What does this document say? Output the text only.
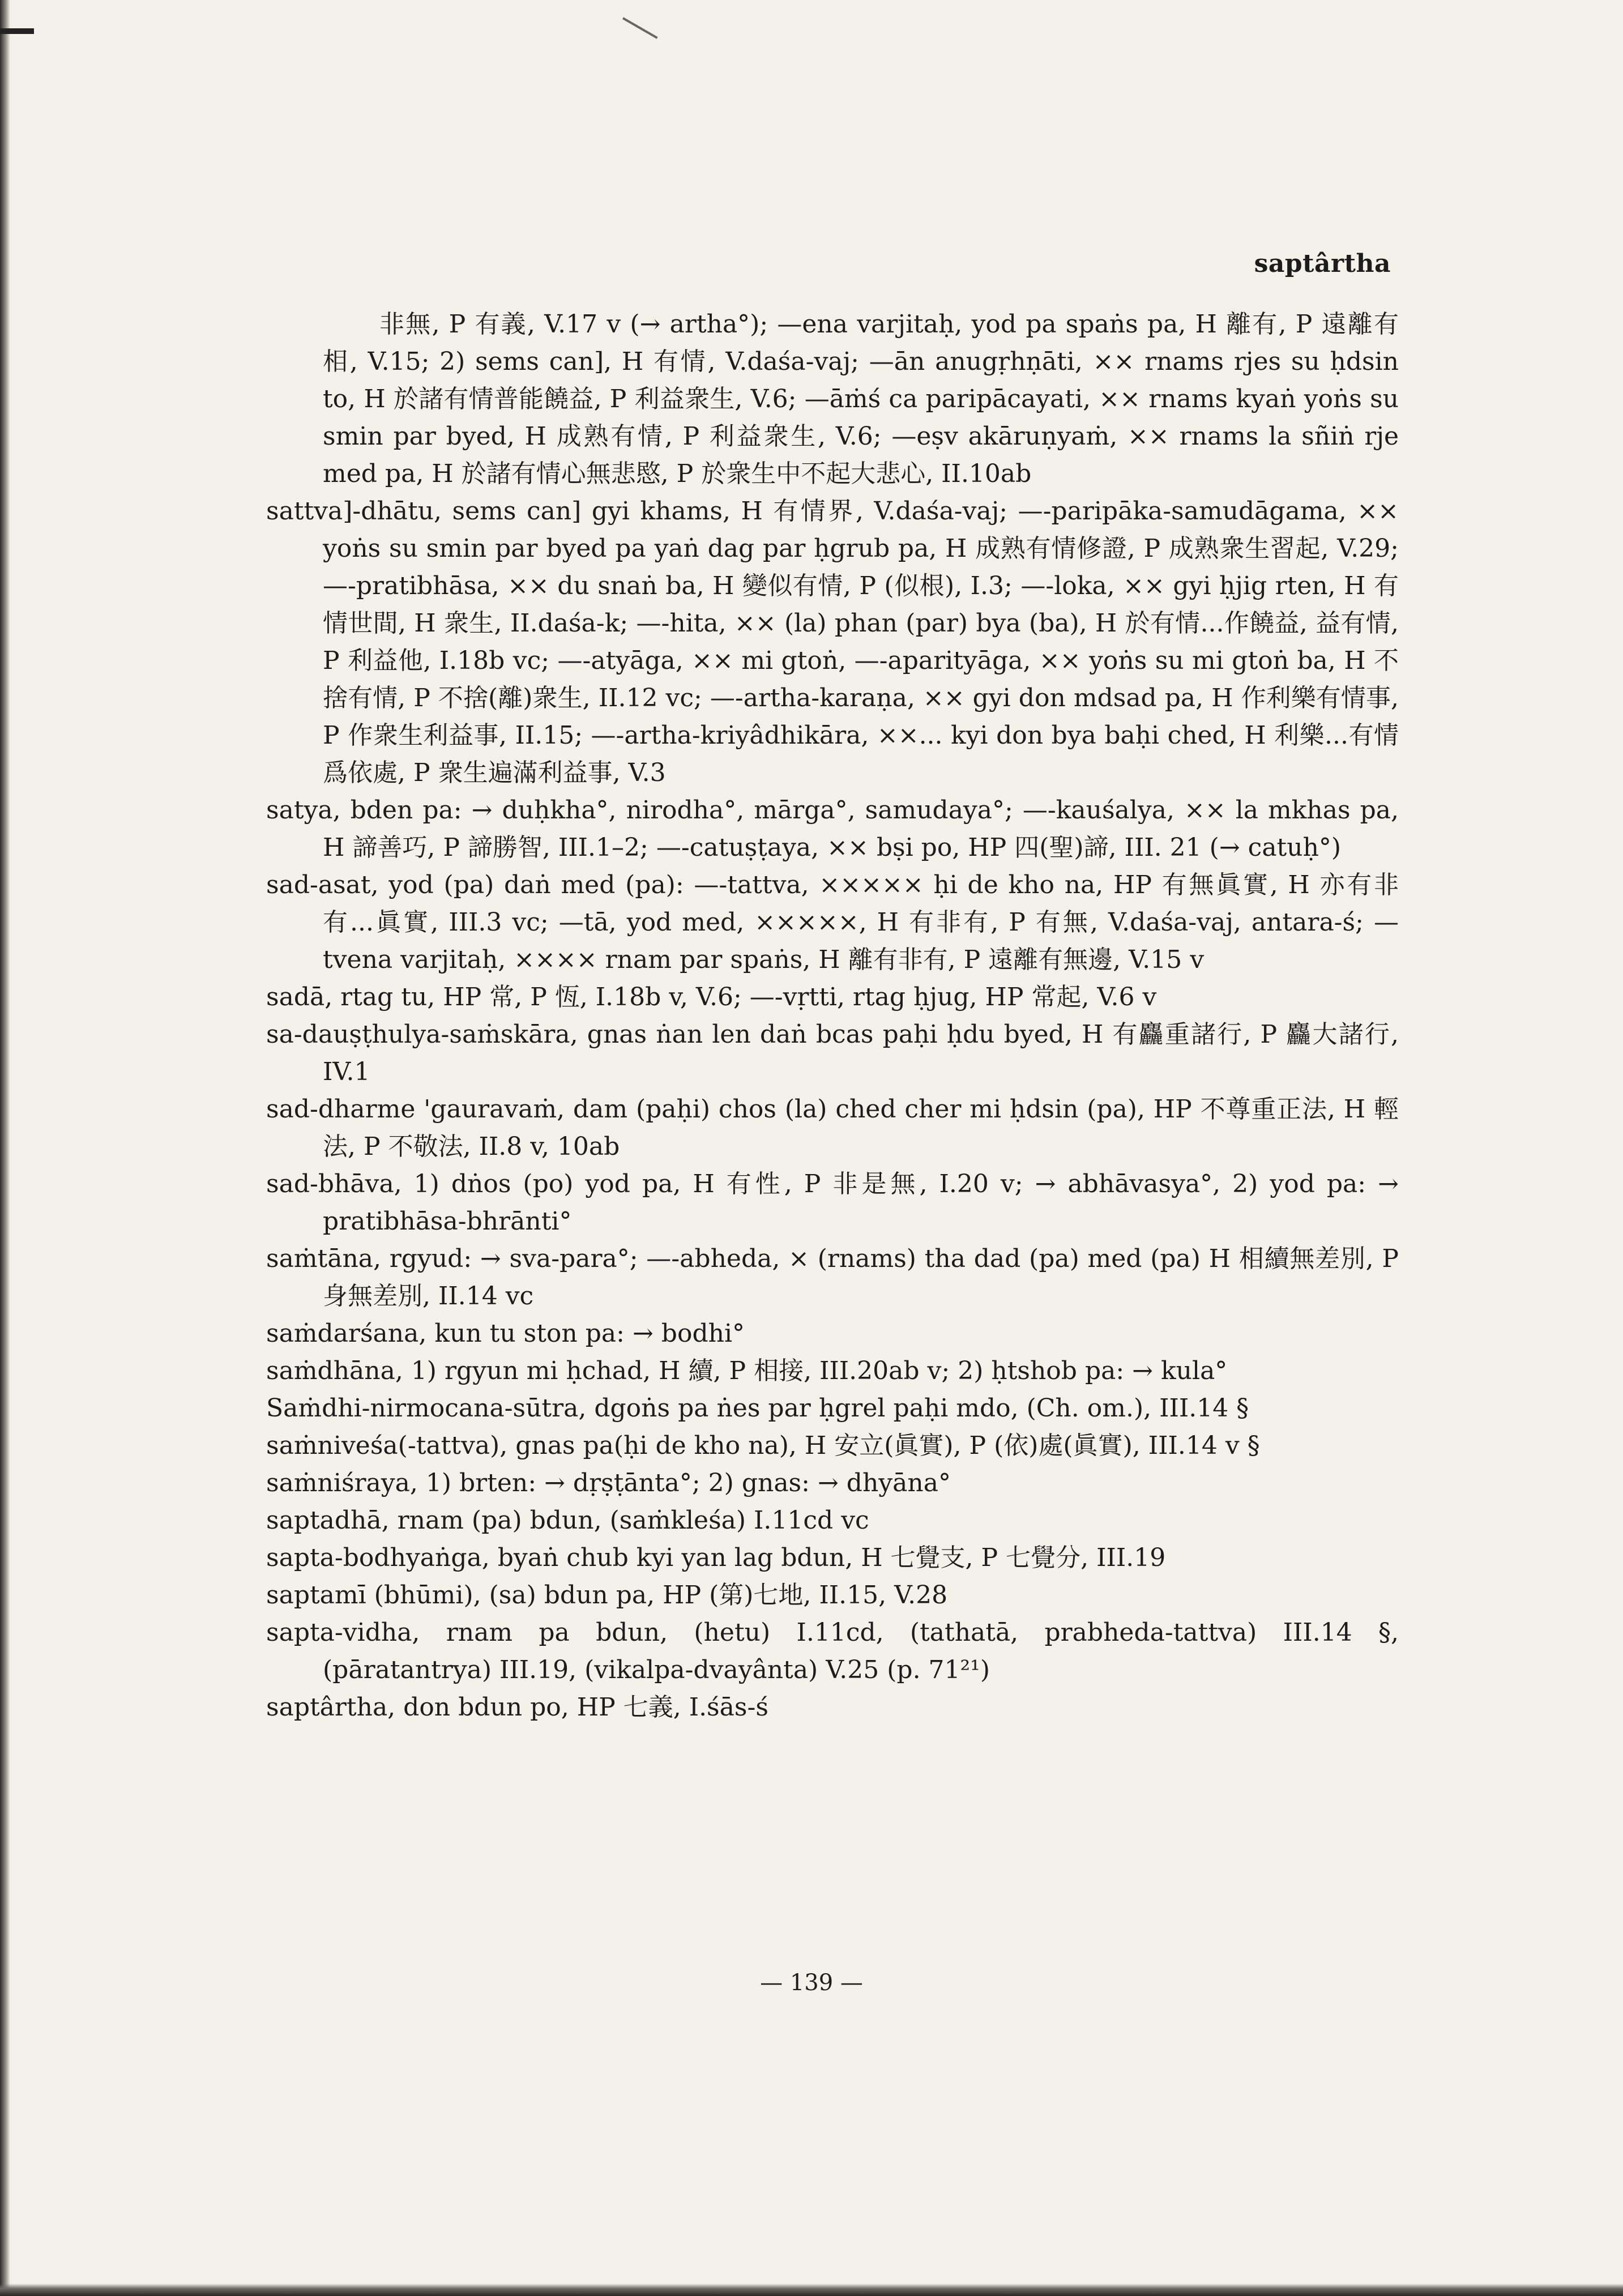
saptârtha

非無, P 有義, V.17 v (→ artha°); —ena varjitaḥ, yod pa spaṅs pa, H 離有, P 遠離有相, V.15; 2) sems can], H 有情, V.daśa-vaj; —ān anugṛhṇāti, ×× rnams rjes su ḥdsin to, H 於諸有情普能饒益, P 利益衆生, V.6; —āṁś ca paripācayati, ×× rnams kyaṅ yoṅs su smin par byed, H 成熟有情, P 利益衆生, V.6; —eṣv akāruṇyaṁ, ×× rnams la sñiṅ rje med pa, H 於諸有情心無悲愍, P 於衆生中不起大悲心, II.10ab

sattva]-dhātu, sems can] gyi khams, H 有情界, V.daśa-vaj; —-paripāka-samudāgama, ×× yoṅs su smin par byed pa yaṅ dag par ḥgrub pa, H 成熟有情修證, P 成熟衆生習起, V.29; —-pratibhāsa, ×× du snaṅ ba, H 變似有情, P (似根), I.3; —-loka, ×× gyi ḥjig rten, H 有情世間, H 衆生, II.daśa-k; —-hita, ×× (la) phan (par) bya (ba), H 於有情...作饒益, 益有情, P 利益他, I.18b vc; —-atyāga, ×× mi gtoṅ, —-aparityāga, ×× yoṅs su mi gtoṅ ba, H 不捨有情, P 不捨(離)衆生, II.12 vc; —-artha-karaṇa, ×× gyi don mdsad pa, H 作利樂有情事, P 作衆生利益事, II.15; —-artha-kriyâdhikāra, ××... kyi don bya baḥi ched, H 利樂...有情爲依處, P 衆生遍滿利益事, V.3

satya, bden pa: → duḥkha°, nirodha°, mārga°, samudaya°; —-kauśalya, ×× la mkhas pa, H 諦善巧, P 諦勝智, III.1–2; —-catuṣṭaya, ×× bṣi po, HP 四(聖)諦, III. 21 (→ catuḥ°)

sad-asat, yod (pa) daṅ med (pa): —-tattva, ××××× ḥi de kho na, HP 有無眞實, H 亦有非有...眞實, III.3 vc; —tā, yod med, ×××××, H 有非有, P 有無, V.daśa-vaj, antara-ś; —tvena varjitaḥ, ×××× rnam par spaṅs, H 離有非有, P 遠離有無邊, V.15 v

sadā, rtag tu, HP 常, P 恆, I.18b v, V.6; —-vṛtti, rtag ḥjug, HP 常起, V.6 v

sa-dauṣṭhulya-saṁskāra, gnas ṅan len daṅ bcas paḥi ḥdu byed, H 有麤重諸行, P 麤大諸行, IV.1

sad-dharme 'gauravaṁ, dam (paḥi) chos (la) ched cher mi ḥdsin (pa), HP 不尊重正法, H 輕法, P 不敬法, II.8 v, 10ab

sad-bhāva, 1) dṅos (po) yod pa, H 有性, P 非是無, I.20 v; → abhāvasya°, 2) yod pa: → pratibhāsa-bhrānti°

saṁtāna, rgyud: → sva-para°; —-abheda, × (rnams) tha dad (pa) med (pa) H 相續無差別, P 身無差別, II.14 vc

saṁdarśana, kun tu ston pa: → bodhi°

saṁdhāna, 1) rgyun mi ḥchad, H 續, P 相接, III.20ab v; 2) ḥtshob pa: → kula°

Saṁdhi-nirmocana-sūtra, dgoṅs pa ṅes par ḥgrel paḥi mdo, (Ch. om.), III.14 §

saṁniveśa(-tattva), gnas pa(ḥi de kho na), H 安立(眞實), P (依)處(眞實), III.14 v §

saṁniśraya, 1) brten: → dṛṣṭānta°; 2) gnas: → dhyāna°

saptadhā, rnam (pa) bdun, (saṁkleśa) I.11cd vc

sapta-bodhyaṅga, byaṅ chub kyi yan lag bdun, H 七覺支, P 七覺分, III.19

saptamī (bhūmi), (sa) bdun pa, HP (第)七地, II.15, V.28

sapta-vidha, rnam pa bdun, (hetu) I.11cd, (tathatā, prabheda-tattva) III.14 §, (pāratantrya) III.19, (vikalpa-dvayânta) V.25 (p. 71²¹)

saptârtha, don bdun po, HP 七義, I.śās-ś

— 139 —
